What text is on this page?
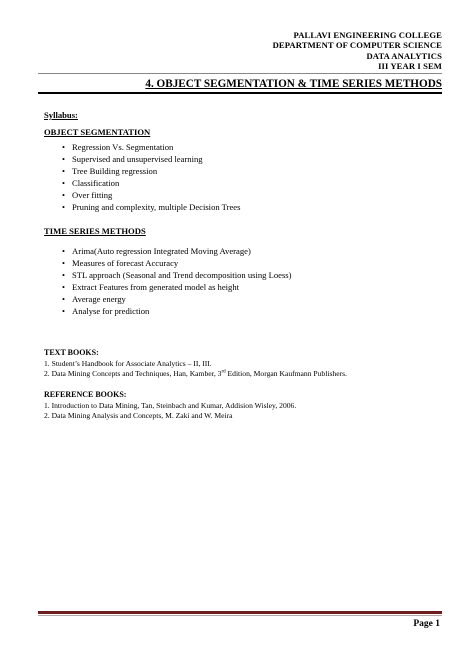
PALLAVI ENGINEERING COLLEGE
DEPARTMENT OF COMPUTER SCIENCE
DATA ANALYTICS
III YEAR I SEM
4. OBJECT SEGMENTATION & TIME SERIES METHODS
Syllabus:
OBJECT SEGMENTATION
• Regression Vs. Segmentation
• Supervised and unsupervised learning
• Tree Building regression
• Classification
• Over fitting
• Pruning and complexity, multiple Decision Trees
TIME SERIES METHODS
• Arima(Auto regression Integrated Moving Average)
• Measures of forecast Accuracy
• STL approach (Seasonal and Trend decomposition using Loess)
• Extract Features from generated model as height
• Average energy
• Analyse for prediction
TEXT BOOKS:
1. Student’s Handbook for Associate Analytics – II, III.
2. Data Mining Concepts and Techniques, Han, Kamber, 3rd Edition, Morgan Kaufmann Publishers.
REFERENCE BOOKS:
1. Introduction to Data Mining, Tan, Steinbach and Kumar, Addision Wisley, 2006.
2. Data Mining Analysis and Concepts, M. Zaki and W. Meira
Page 1
